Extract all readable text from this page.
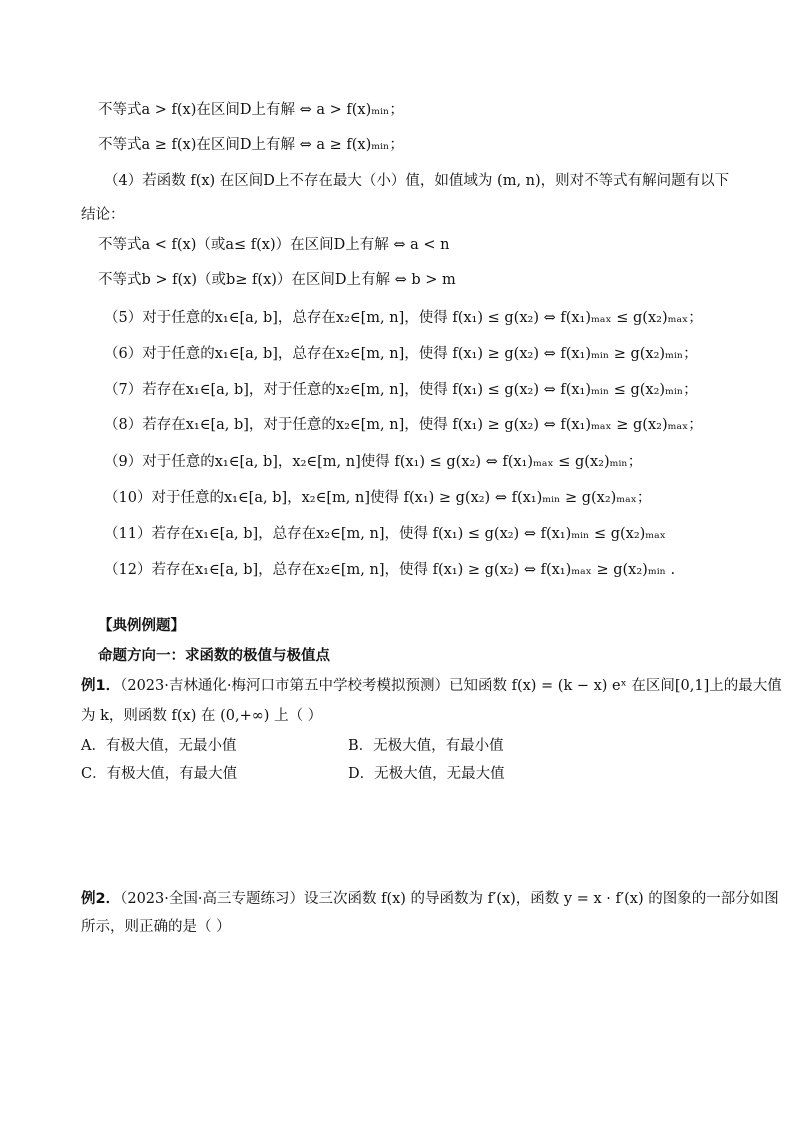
不等式a > f(x)在区间D上有解 ⇔ a > f(x)ₘᵢₙ；
不等式a ≥ f(x)在区间D上有解 ⇔ a ≥ f(x)ₘᵢₙ；
（4）若函数 f(x) 在区间D上不存在最大（小）值，如值域为 (m, n)，则对不等式有解问题有以下
结论：
不等式a < f(x)（或a≤ f(x)）在区间D上有解 ⇔ a < n
不等式b > f(x)（或b≥ f(x)）在区间D上有解 ⇔ b > m
（5）对于任意的x₁∈[a, b]，总存在x₂∈[m, n]，使得 f(x₁) ≤ g(x₂) ⇔ f(x₁)ₘₐₓ ≤ g(x₂)ₘₐₓ；
（6）对于任意的x₁∈[a, b]，总存在x₂∈[m, n]，使得 f(x₁) ≥ g(x₂) ⇔ f(x₁)ₘᵢₙ ≥ g(x₂)ₘᵢₙ；
（7）若存在x₁∈[a, b]，对于任意的x₂∈[m, n]，使得 f(x₁) ≤ g(x₂) ⇔ f(x₁)ₘᵢₙ ≤ g(x₂)ₘᵢₙ；
（8）若存在x₁∈[a, b]，对于任意的x₂∈[m, n]，使得 f(x₁) ≥ g(x₂) ⇔ f(x₁)ₘₐₓ ≥ g(x₂)ₘₐₓ；
（9）对于任意的x₁∈[a, b]，x₂∈[m, n]使得 f(x₁) ≤ g(x₂) ⇔ f(x₁)ₘₐₓ ≤ g(x₂)ₘᵢₙ；
（10）对于任意的x₁∈[a, b]，x₂∈[m, n]使得 f(x₁) ≥ g(x₂) ⇔ f(x₁)ₘᵢₙ ≥ g(x₂)ₘₐₓ；
（11）若存在x₁∈[a, b]，总存在x₂∈[m, n]，使得 f(x₁) ≤ g(x₂) ⇔ f(x₁)ₘᵢₙ ≤ g(x₂)ₘₐₓ
（12）若存在x₁∈[a, b]，总存在x₂∈[m, n]，使得 f(x₁) ≥ g(x₂) ⇔ f(x₁)ₘₐₓ ≥ g(x₂)ₘᵢₙ .
【典例例题】
命题方向一：求函数的极值与极值点
例1．（2023·吉林通化·梅河口市第五中学校考模拟预测）已知函数 f(x) = (k − x) eˣ 在区间[0,1]上的最大值
为 k，则函数 f(x) 在 (0,+∞) 上（ ）
A．有极大值，无最小值	B．无极大值，有最小值
C．有极大值，有最大值	D．无极大值，无最大值
例2．（2023·全国·高三专题练习）设三次函数 f(x) 的导函数为 f′(x)，函数 y = x · f′(x) 的图象的一部分如图
所示，则正确的是（ ）
